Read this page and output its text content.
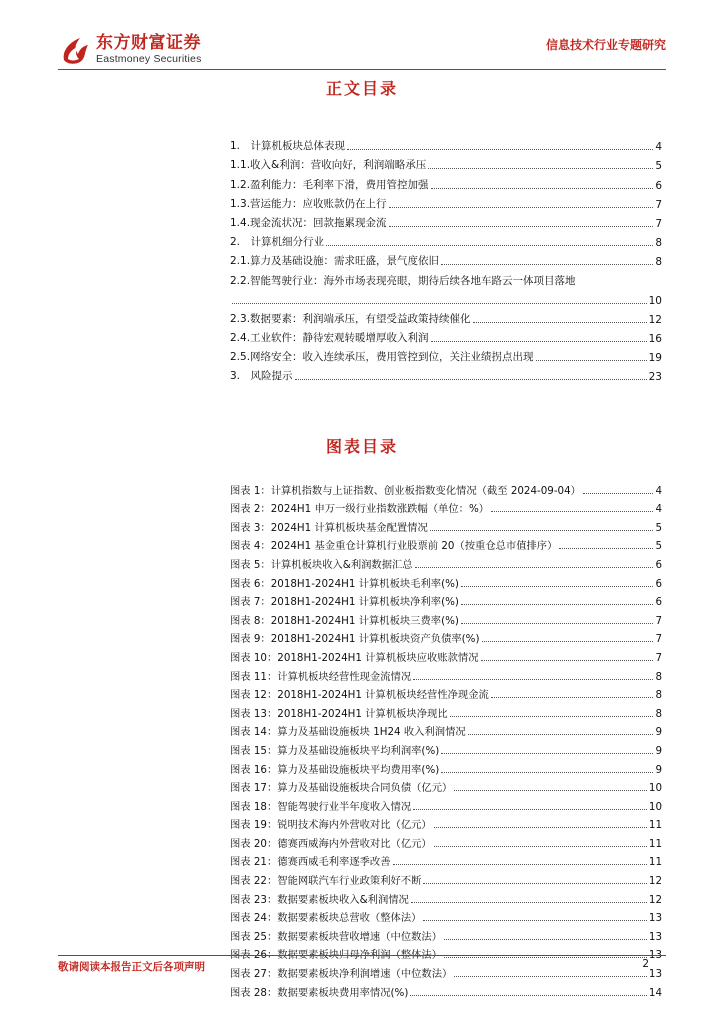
东方财富证券
Eastmoney Securities
信息技术行业专题研究
正文目录
1.　计算机板块总体表现	4
1.1.收入&利润：营收向好，利润端略承压	5
1.2.盈利能力：毛利率下滑，费用管控加强	6
1.3.营运能力：应收账款仍在上行	7
1.4.现金流状况：回款拖累现金流	7
2.　计算机细分行业	8
2.1.算力及基础设施：需求旺盛，景气度依旧	8
2.2.智能驾驶行业：海外市场表现亮眼，期待后续各地车路云一体项目落地
10
2.3.数据要素：利润端承压，有望受益政策持续催化	12
2.4.工业软件：静待宏观转暖增厚收入利润	16
2.5.网络安全：收入连续承压，费用管控到位，关注业绩拐点出现	19
3.　风险提示	23
图表目录
图表 1：计算机指数与上证指数、创业板指数变化情况（截至 2024-09-04）	4
图表 2：2024H1 申万一级行业指数涨跌幅（单位：%）	4
图表 3：2024H1 计算机板块基金配置情况	5
图表 4：2024H1 基金重仓计算机行业股票前 20（按重仓总市值排序）	5
图表 5：计算机板块收入&利润数据汇总	6
图表 6：2018H1-2024H1 计算机板块毛利率(%)	6
图表 7：2018H1-2024H1 计算机板块净利率(%)	6
图表 8：2018H1-2024H1 计算机板块三费率(%)	7
图表 9：2018H1-2024H1 计算机板块资产负债率(%)	7
图表 10：2018H1-2024H1 计算机板块应收账款情况	7
图表 11：计算机板块经营性现金流情况	8
图表 12：2018H1-2024H1 计算机板块经营性净现金流	8
图表 13：2018H1-2024H1 计算机板块净现比	8
图表 14：算力及基础设施板块 1H24 收入利润情况	9
图表 15：算力及基础设施板块平均利润率(%)	9
图表 16：算力及基础设施板块平均费用率(%)	9
图表 17：算力及基础设施板块合同负债（亿元）	10
图表 18：智能驾驶行业半年度收入情况	10
图表 19：锐明技术海内外营收对比（亿元）	11
图表 20：德赛西威海内外营收对比（亿元）	11
图表 21：德赛西威毛利率逐季改善	11
图表 22：智能网联汽车行业政策利好不断	12
图表 23：数据要素板块收入&利润情况	12
图表 24：数据要素板块总营收（整体法）	13
图表 25：数据要素板块营收增速（中位数法）	13
图表 26：数据要素板块归母净利润（整体法）	13
图表 27：数据要素板块净利润增速（中位数法）	13
图表 28：数据要素板块费用率情况(%)	14
敬请阅读本报告正文后各项声明	2
